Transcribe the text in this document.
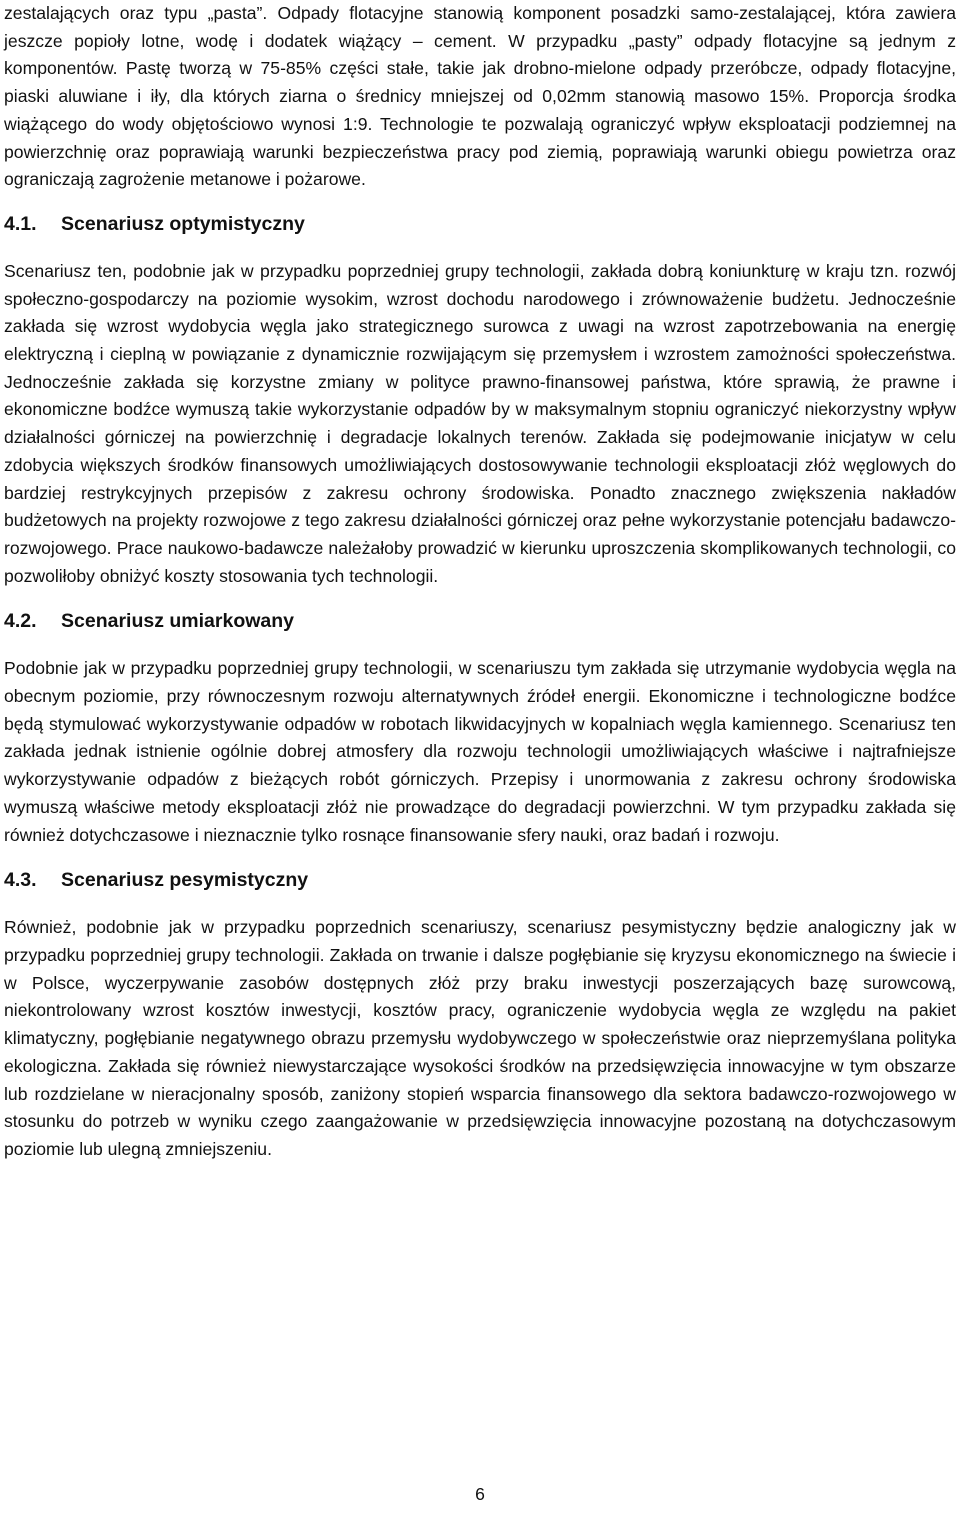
zestalających oraz typu „pasta”. Odpady flotacyjne stanowią komponent posadzki samo-zestalającej, która zawiera jeszcze popioły lotne, wodę i dodatek wiążący – cement. W przypadku „pasty” odpady flotacyjne są jednym z komponentów. Pastę tworzą w 75-85% części stałe, takie jak drobno-mielone odpady przeróbcze, odpady flotacyjne, piaski aluwiane i iły, dla których ziarna o średnicy mniejszej od 0,02mm stanowią masowo 15%. Proporcja środka wiążącego do wody objętościowo wynosi 1:9. Technologie te pozwalają ograniczyć wpływ eksploatacji podziemnej na powierzchnię oraz poprawiają warunki bezpieczeństwa pracy pod ziemią, poprawiają warunki obiegu powietrza oraz ograniczają zagrożenie metanowe i pożarowe.

4.1.	Scenariusz optymistyczny

Scenariusz ten, podobnie jak w przypadku poprzedniej grupy technologii, zakłada dobrą koniunkturę w kraju tzn. rozwój społeczno-gospodarczy na poziomie wysokim, wzrost dochodu narodowego i zrównoważenie budżetu. Jednocześnie zakłada się wzrost wydobycia węgla jako strategicznego surowca z uwagi na wzrost zapotrzebowania na energię elektryczną i cieplną w powiązanie z dynamicznie rozwijającym się przemysłem i wzrostem zamożności społeczeństwa. Jednocześnie zakłada się korzystne zmiany w polityce prawno-finansowej państwa, które sprawią, że prawne i ekonomiczne bodźce wymuszą takie wykorzystanie odpadów by w maksymalnym stopniu ograniczyć niekorzystny wpływ działalności górniczej na powierzchnię i degradacje lokalnych terenów. Zakłada się podejmowanie inicjatyw w celu zdobycia większych środków finansowych umożliwiających dostosowywanie technologii eksploatacji złóż węglowych do bardziej restrykcyjnych przepisów z zakresu ochrony środowiska. Ponadto znacznego zwiększenia nakładów budżetowych na projekty rozwojowe z tego zakresu działalności górniczej oraz pełne wykorzystanie potencjału badawczo-rozwojowego. Prace naukowo-badawcze należałoby prowadzić w kierunku uproszczenia skomplikowanych technologii, co pozwoliłoby obniżyć koszty stosowania tych technologii.

4.2.	Scenariusz umiarkowany

Podobnie jak w przypadku poprzedniej grupy technologii, w scenariuszu tym zakłada się utrzymanie wydobycia węgla na obecnym poziomie, przy równoczesnym rozwoju alternatywnych źródeł energii. Ekonomiczne i technologiczne bodźce będą stymulować wykorzystywanie odpadów w robotach likwidacyjnych w kopalniach węgla kamiennego. Scenariusz ten zakłada jednak istnienie ogólnie dobrej atmosfery dla rozwoju technologii umożliwiających właściwe i najtrafniejsze wykorzystywanie odpadów z bieżących robót górniczych. Przepisy i unormowania z zakresu ochrony środowiska wymuszą właściwe metody eksploatacji złóż nie prowadzące do degradacji powierzchni. W tym przypadku zakłada się również dotychczasowe i nieznacznie tylko rosnące finansowanie sfery nauki, oraz badań i rozwoju.

4.3.	Scenariusz pesymistyczny

Również, podobnie jak w przypadku poprzednich scenariuszy, scenariusz pesymistyczny będzie analogiczny jak w przypadku poprzedniej grupy technologii. Zakłada on trwanie i dalsze pogłębianie się kryzysu ekonomicznego na świecie i w Polsce, wyczerpywanie zasobów dostępnych złóż przy braku inwestycji poszerzających bazę surowcową, niekontrolowany wzrost kosztów inwestycji, kosztów pracy, ograniczenie wydobycia węgla ze względu na pakiet klimatyczny, pogłębianie negatywnego obrazu przemysłu wydobywczego w społeczeństwie oraz nieprzemyślana polityka ekologiczna. Zakłada się również niewystarczające wysokości środków na przedsięwzięcia innowacyjne w tym obszarze lub rozdzielane w nieracjonalny sposób, zaniżony stopień wsparcia finansowego dla sektora badawczo-rozwojowego w stosunku do potrzeb w wyniku czego zaangażowanie w przedsięwzięcia innowacyjne pozostaną na dotychczasowym poziomie lub ulegną zmniejszeniu.

6
